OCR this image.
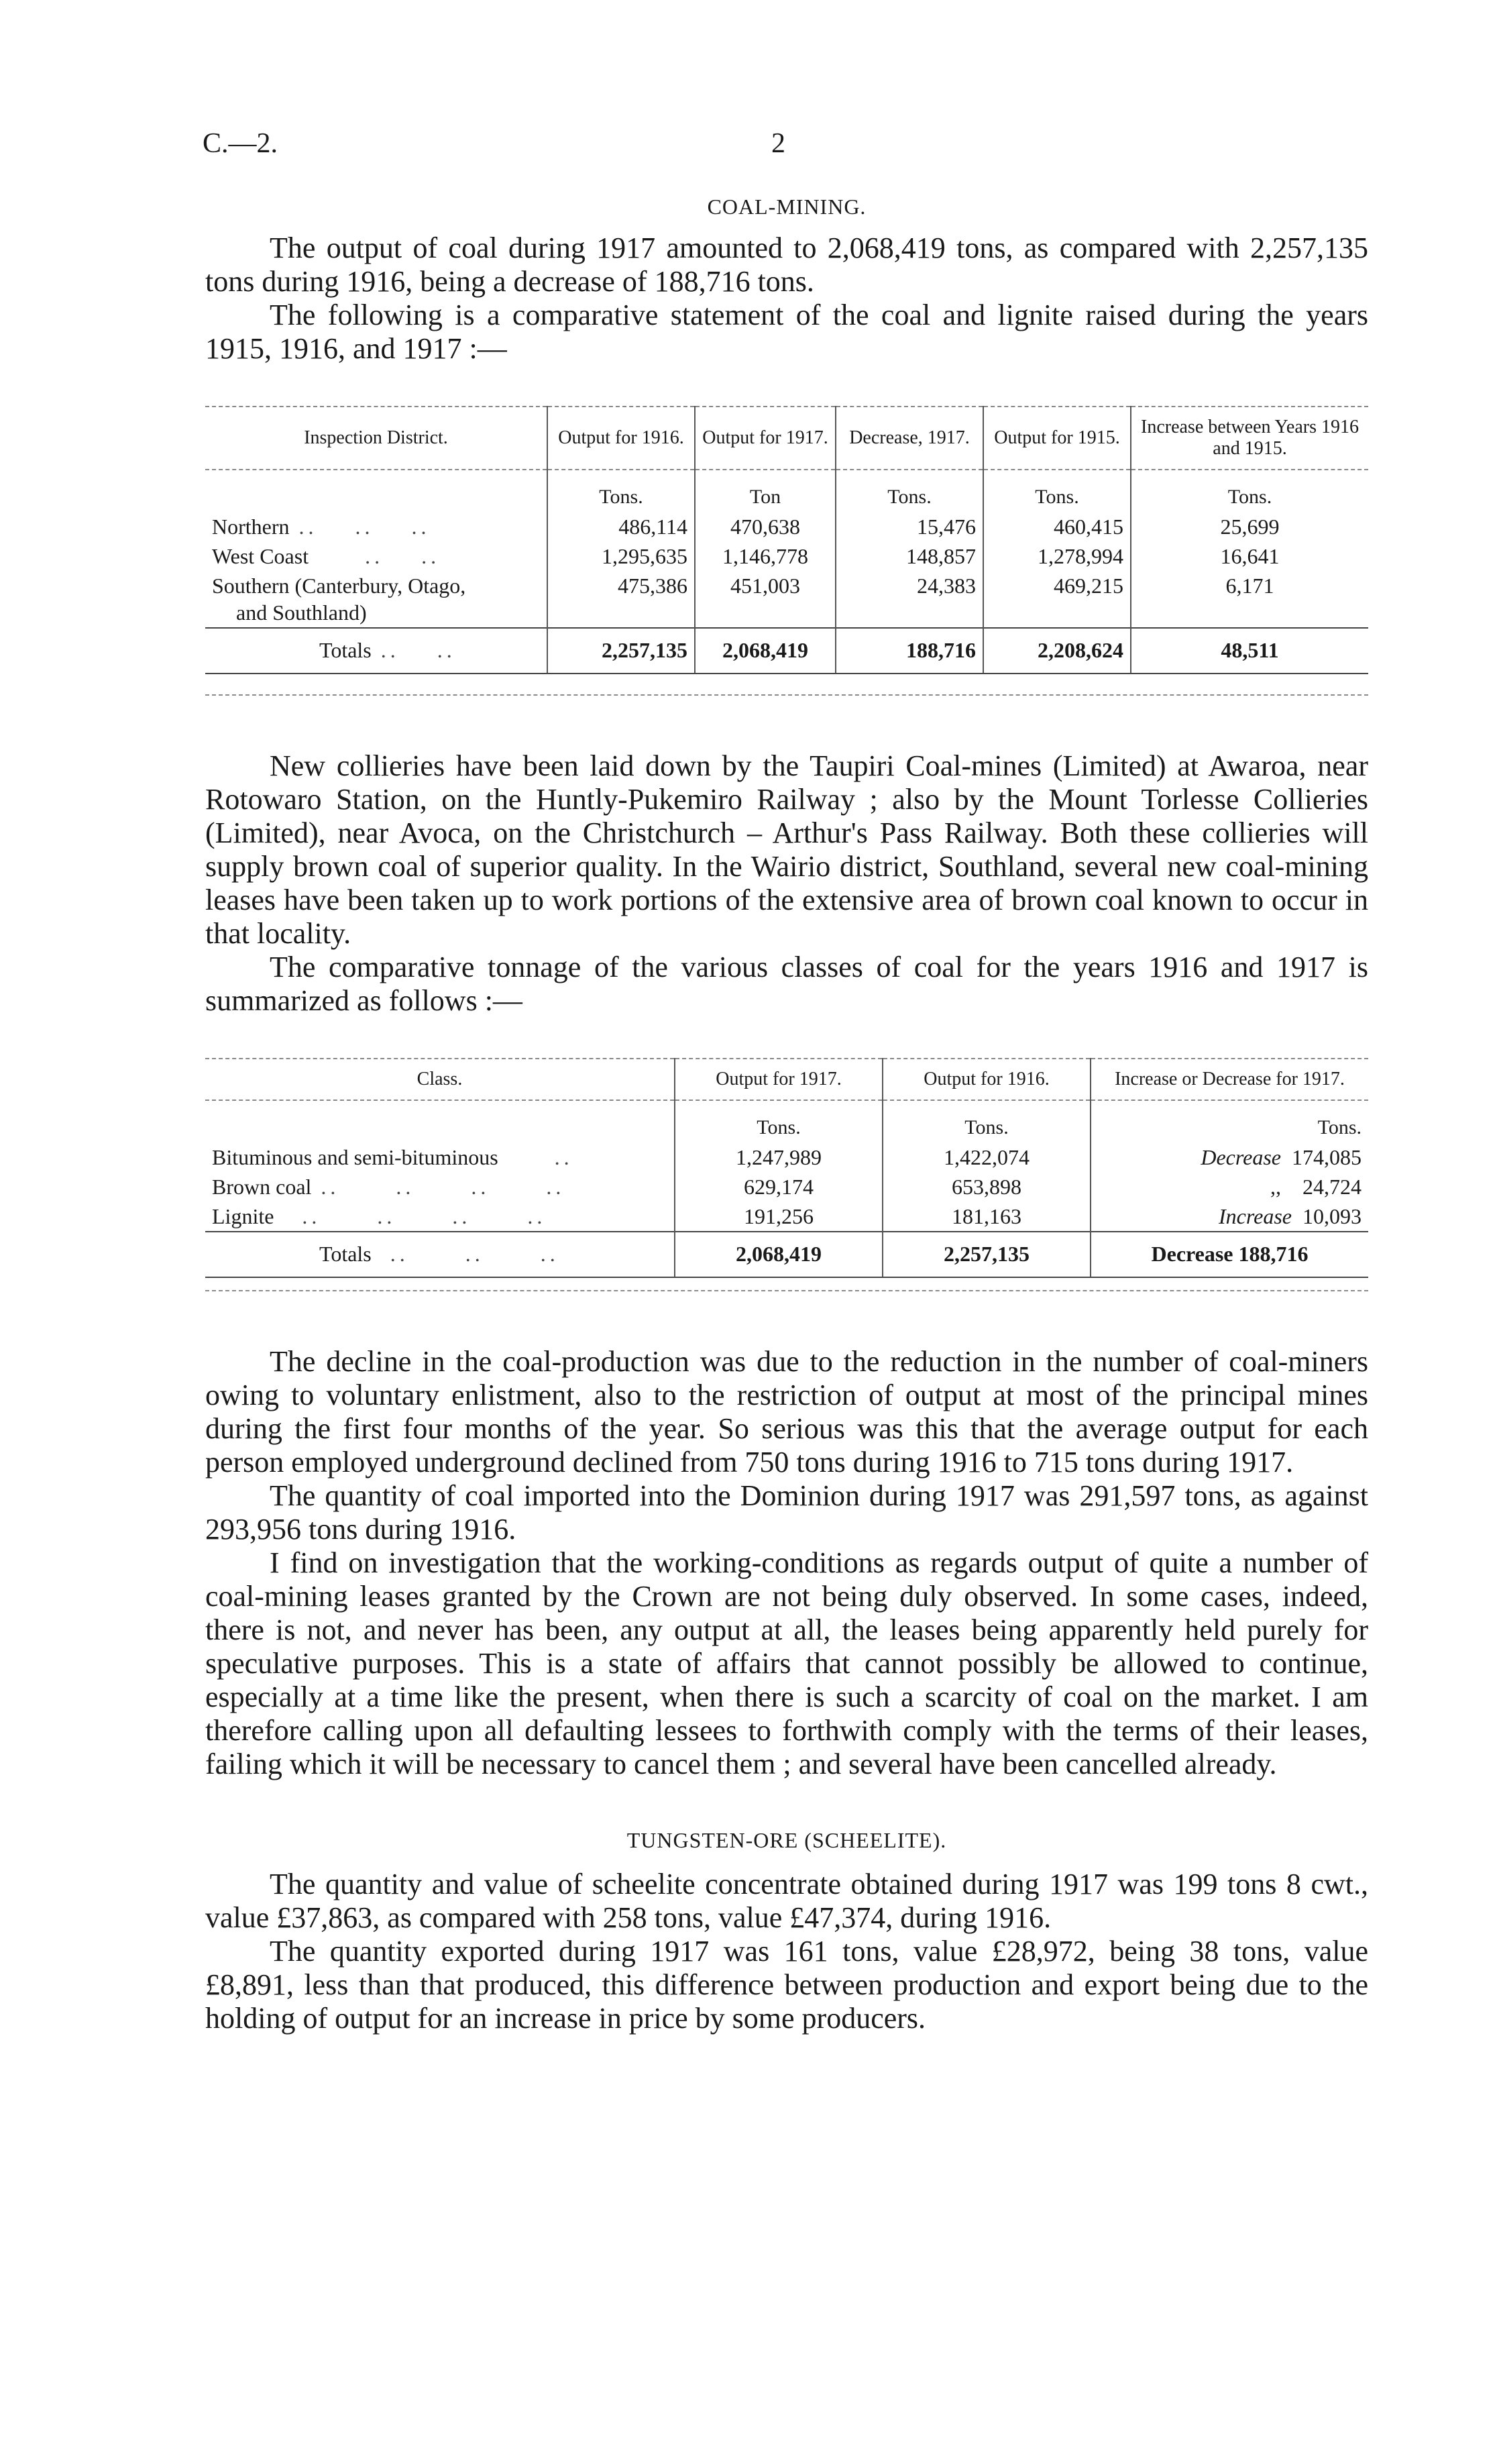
C.—2.	2
COAL-MINING.

The output of coal during 1917 amounted to 2,068,419 tons, as compared with 2,257,135 tons during 1916, being a decrease of 188,716 tons.

The following is a comparative statement of the coal and lignite raised during the years 1915, 1916, and 1917 :—

Inspection District.	Output for 1916.	Output for 1917.	Decrease, 1917.	Output for 1915.	Increase between Years 1916 and 1915.
	Tons.	Ton	Tons.	Tons.	Tons.
Northern ..    ..    ..	486,114	470,638	15,476	460,415	25,699
West Coast      ..    ..	1,295,635	1,146,778	148,857	1,278,994	16,641

Southern (Canterbury, Otago,
and Southland)	475,386	451,003	24,383	469,215	6,171
Totals ..    ..	2,257,135	2,068,419	188,716	2,208,624	48,511

New collieries have been laid down by the Taupiri Coal-mines (Limited) at Awaroa, near Rotowaro Station, on the Huntly-Pukemiro Railway ; also by the Mount Torlesse Collieries (Limited), near Avoca, on the Christchurch – Arthur's Pass Railway. Both these collieries will supply brown coal of superior quality. In the Wairio district, Southland, several new coal-mining leases have been taken up to work portions of the extensive area of brown coal known to occur in that locality.

The comparative tonnage of the various classes of coal for the years 1916 and 1917 is summarized as follows :—

Class.	Output for 1917.	Output for 1916.	Increase or Decrease for 1917.
	Tons.	Tons.	Tons.
Bituminous and semi-bituminous      ..	1,247,989	1,422,074	Decrease 174,085
Brown coal ..      ..      ..      ..	629,174	653,898	,, 24,724
Lignite   ..      ..      ..      ..	191,256	181,163	Increase 10,093
Totals  ..      ..      ..	2,068,419	2,257,135	Decrease 188,716

The decline in the coal-production was due to the reduction in the number of coal-miners owing to voluntary enlistment, also to the restriction of output at most of the principal mines during the first four months of the year. So serious was this that the average output for each person employed underground declined from 750 tons during 1916 to 715 tons during 1917.

The quantity of coal imported into the Dominion during 1917 was 291,597 tons, as against 293,956 tons during 1916.

I find on investigation that the working-conditions as regards output of quite a number of coal-mining leases granted by the Crown are not being duly observed. In some cases, indeed, there is not, and never has been, any output at all, the leases being apparently held purely for speculative purposes. This is a state of affairs that cannot possibly be allowed to continue, especially at a time like the present, when there is such a scarcity of coal on the market. I am therefore calling upon all defaulting lessees to forthwith comply with the terms of their leases, failing which it will be necessary to cancel them ; and several have been cancelled already.

TUNGSTEN-ORE (SCHEELITE).

The quantity and value of scheelite concentrate obtained during 1917 was 199 tons 8 cwt., value £37,863, as compared with 258 tons, value £47,374, during 1916.

The quantity exported during 1917 was 161 tons, value £28,972, being 38 tons, value £8,891, less than that produced, this difference between production and export being due to the holding of output for an increase in price by some producers.
